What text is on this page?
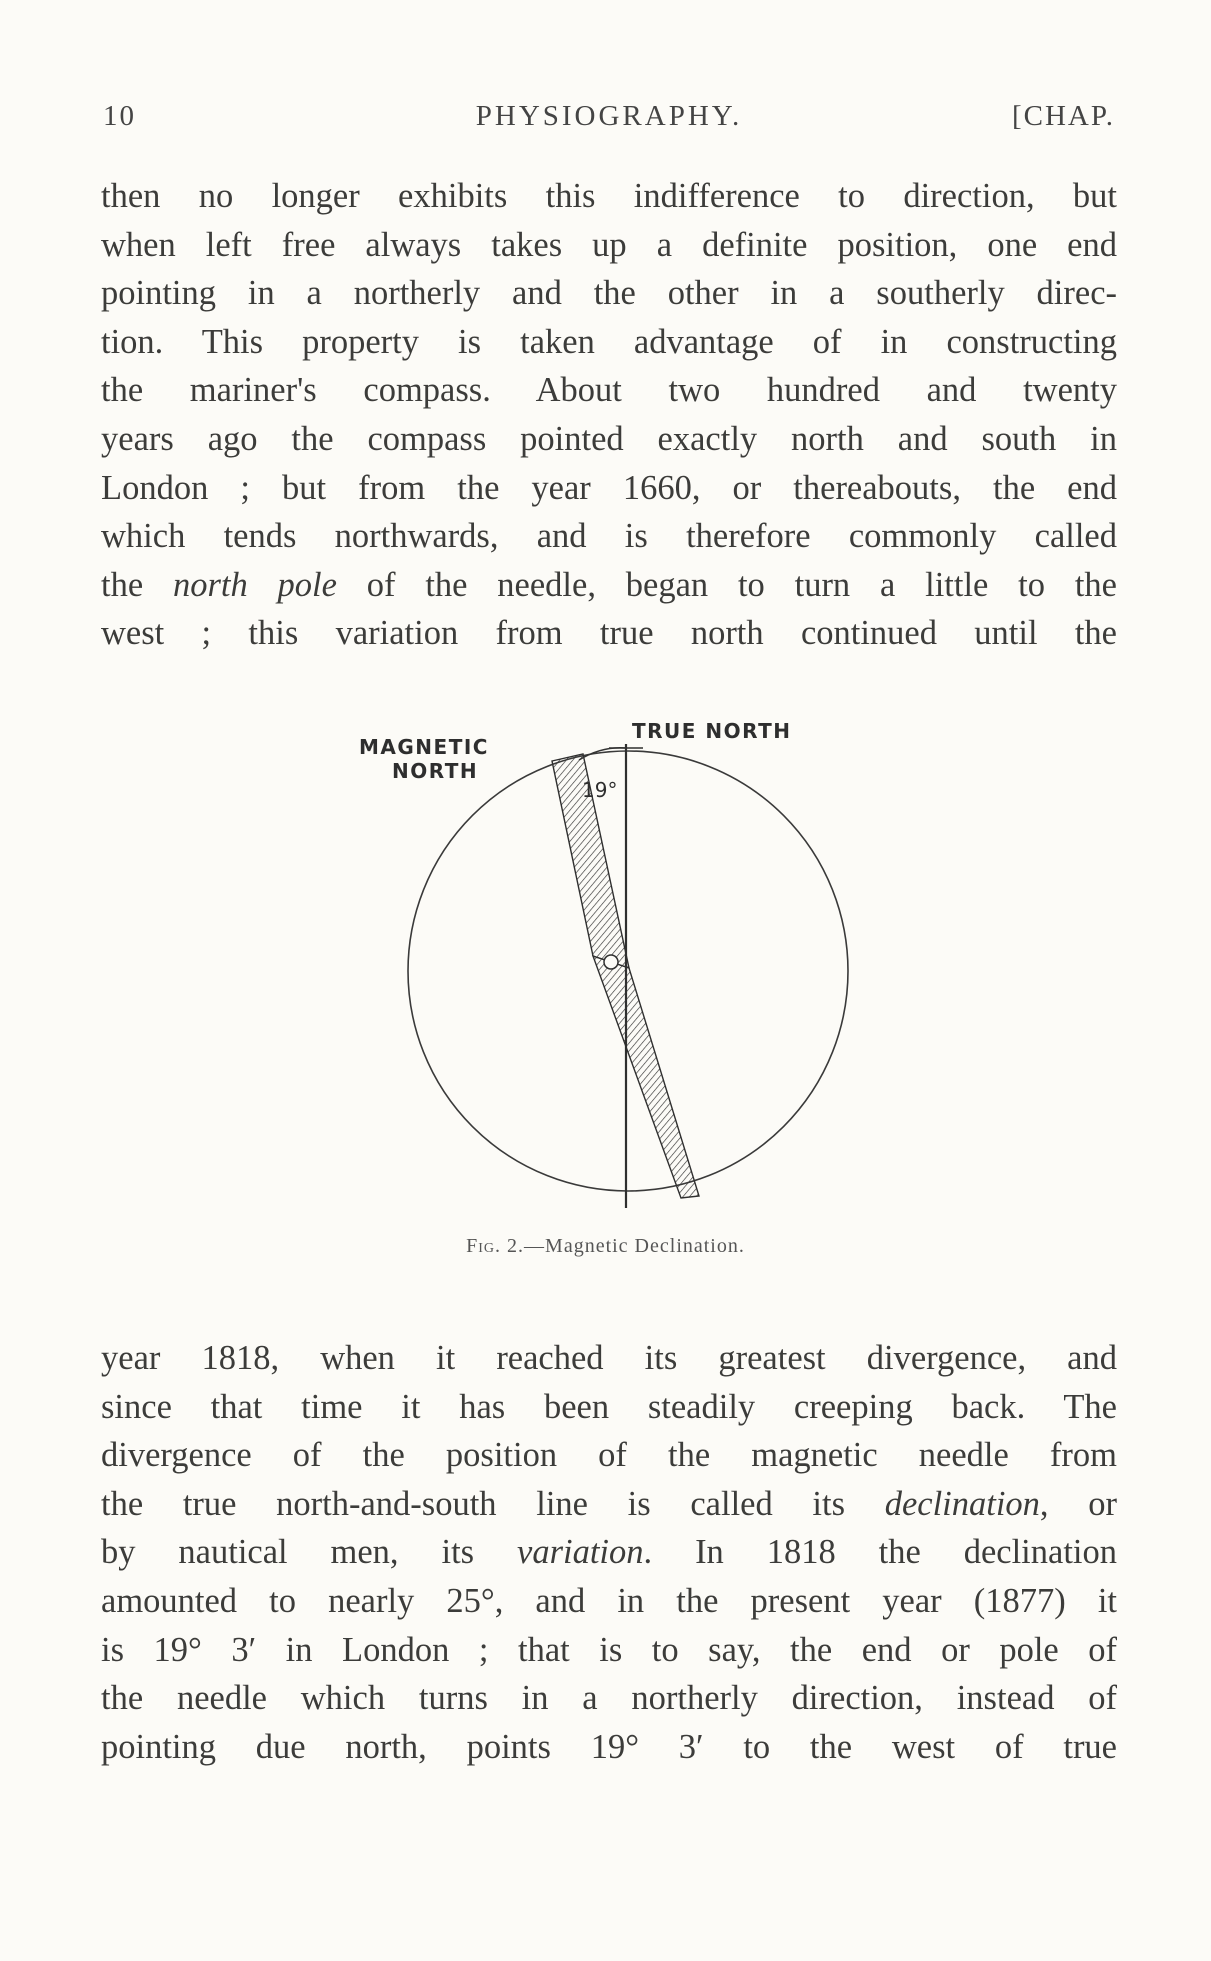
10	PHYSIOGRAPHY.	[CHAP.
then no longer exhibits this indifference to direction, but
when left free always takes up a definite position, one end
pointing in a northerly and the other in a southerly direc-
tion. This property is taken advantage of in constructing
the mariner's compass. About two hundred and twenty
years ago the compass pointed exactly north and south in
London ; but from the year 1660, or thereabouts, the end
which tends northwards, and is therefore commonly called
the north pole of the needle, began to turn a little to the
west ; this variation from true north continued until the
MAGNETIC
NORTH
TRUE NORTH
19°
Fig. 2.—Magnetic Declination.
year 1818, when it reached its greatest divergence, and
since that time it has been steadily creeping back. The
divergence of the position of the magnetic needle from
the true north-and-south line is called its declination, or
by nautical men, its variation. In 1818 the declination
amounted to nearly 25°, and in the present year (1877) it
is 19° 3′ in London ; that is to say, the end or pole of
the needle which turns in a northerly direction, instead of
pointing due north, points 19° 3′ to the west of true
